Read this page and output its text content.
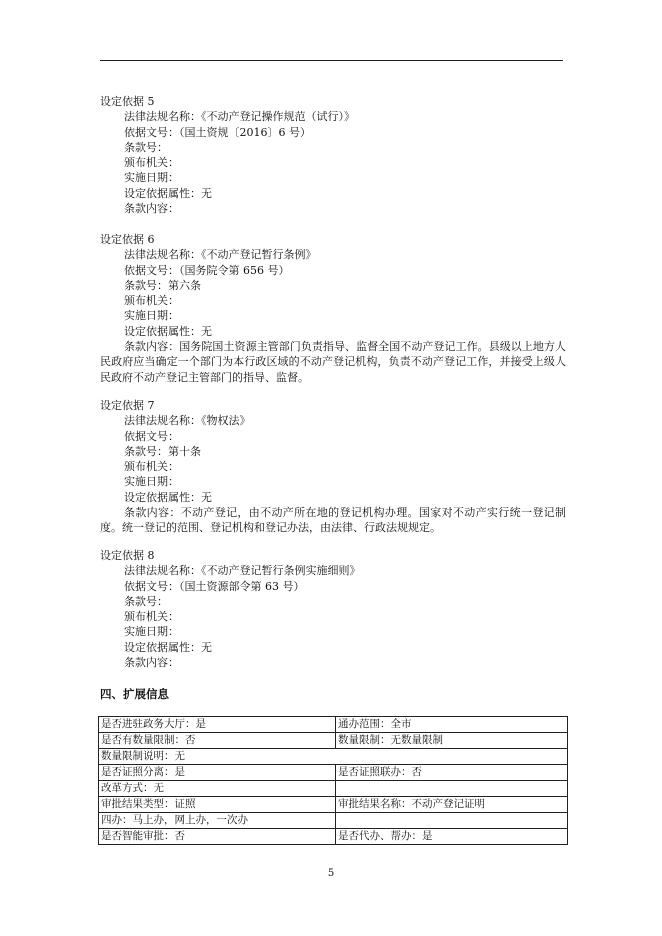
设定依据 5
法律法规名称：《不动产登记操作规范（试行）》
依据文号：（国土资规〔2016〕6 号）
条款号：
颁布机关：
实施日期：
设定依据属性：无
条款内容：
设定依据 6
法律法规名称：《不动产登记暂行条例》
依据文号：（国务院令第 656 号）
条款号：第六条
颁布机关：
实施日期：
设定依据属性：无
条款内容：国务院国土资源主管部门负责指导、监督全国不动产登记工作。县级以上地方人民政府应当确定一个部门为本行政区域的不动产登记机构，负责不动产登记工作，并接受上级人民政府不动产登记主管部门的指导、监督。
设定依据 7
法律法规名称：《物权法》
依据文号：
条款号：第十条
颁布机关：
实施日期：
设定依据属性：无
条款内容：不动产登记，由不动产所在地的登记机构办理。国家对不动产实行统一登记制度。统一登记的范围、登记机构和登记办法，由法律、行政法规规定。
设定依据 8
法律法规名称：《不动产登记暂行条例实施细则》
依据文号：（国土资源部令第 63 号）
条款号：
颁布机关：
实施日期：
设定依据属性：无
条款内容：
四、扩展信息
是否进驻政务大厅：是	通办范围：全市
是否有数量限制：否	数量限制：无数量限制
数量限制说明：无	
是否证照分离：是	是否证照联办：否
改革方式：无	
审批结果类型：证照	审批结果名称：不动产登记证明
四办：马上办，网上办，一次办	
是否智能审批：否	是否代办、帮办：是
5
